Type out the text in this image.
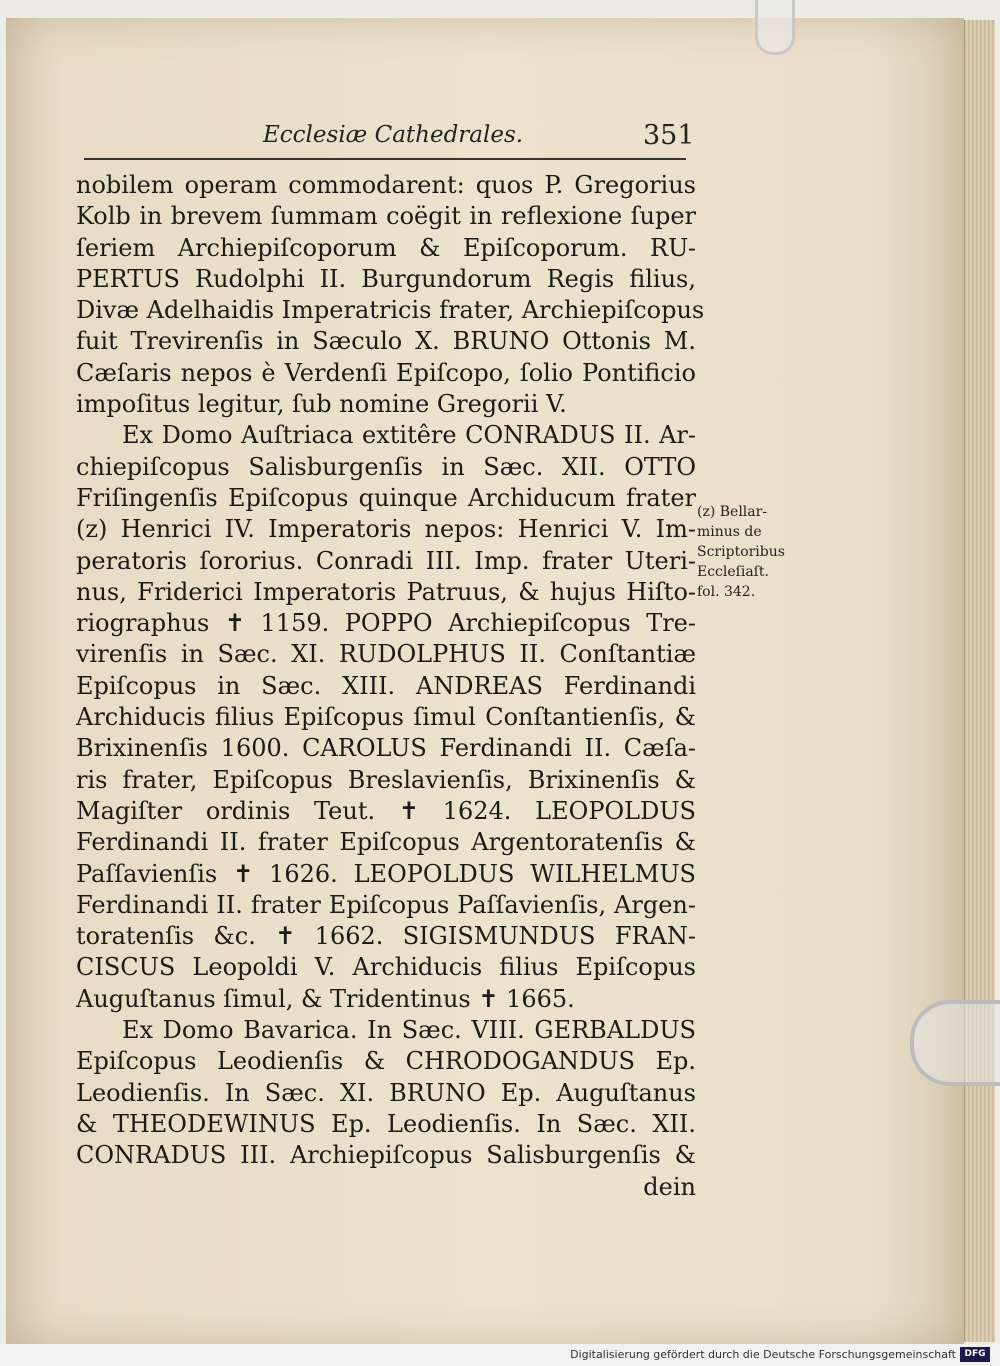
Ecclesiæ Cathedrales.	351
nobilem operam commodarent: quos P. Gregorius
Kolb in brevem ſummam coëgit in reflexione ſuper
ſeriem Archiepiſcoporum & Epiſcoporum. RU-
PERTUS Rudolphi II. Burgundorum Regis filius,
Divæ Adelhaidis Imperatricis frater, Archiepiſcopus
fuit Trevirenſis in Sæculo X. BRUNO Ottonis M.
Cæſaris nepos è Verdenſi Epiſcopo, ſolio Pontificio
impoſitus legitur, ſub nomine Gregorii V.
Ex Domo Auſtriaca extitêre CONRADUS II. Ar-
chiepiſcopus Salisburgenſis in Sæc. XII. OTTO
Friſingenſis Epiſcopus quinque Archiducum frater
(z) Henrici IV. Imperatoris nepos: Henrici V. Im-
peratoris ſororius. Conradi III. Imp. frater Uteri-
nus, Friderici Imperatoris Patruus, & hujus Hiſto-
riographus ✝ 1159. POPPO Archiepiſcopus Tre-
virenſis in Sæc. XI. RUDOLPHUS II. Conſtantiæ
Epiſcopus in Sæc. XIII. ANDREAS Ferdinandi
Archiducis filius Epiſcopus ſimul Conſtantienſis, &
Brixinenſis 1600. CAROLUS Ferdinandi II. Cæſa-
ris frater, Epiſcopus Breslavienſis, Brixinenſis &
Magiſter ordinis Teut. ✝ 1624. LEOPOLDUS
Ferdinandi II. frater Epiſcopus Argentoratenſis &
Paſſavienſis ✝ 1626. LEOPOLDUS WILHELMUS
Ferdinandi II. frater Epiſcopus Paſſavienſis, Argen-
toratenſis &c. ✝ 1662. SIGISMUNDUS FRAN-
CISCUS Leopoldi V. Archiducis filius Epiſcopus
Auguſtanus ſimul, & Tridentinus ✝ 1665.
Ex Domo Bavarica. In Sæc. VIII. GERBALDUS
Epiſcopus Leodienſis & CHRODOGANDUS Ep.
Leodienſis. In Sæc. XI. BRUNO Ep. Auguſtanus
& THEODEWINUS Ep. Leodienſis. In Sæc. XII.
CONRADUS III. Archiepiſcopus Salisburgenſis &
dein
(z) Bellar-
minus de
Scriptoribus
Eccleſiaſt.
fol. 342.
Digitalisierung gefördert durch die Deutsche Forschungsgemeinschaft DFG
